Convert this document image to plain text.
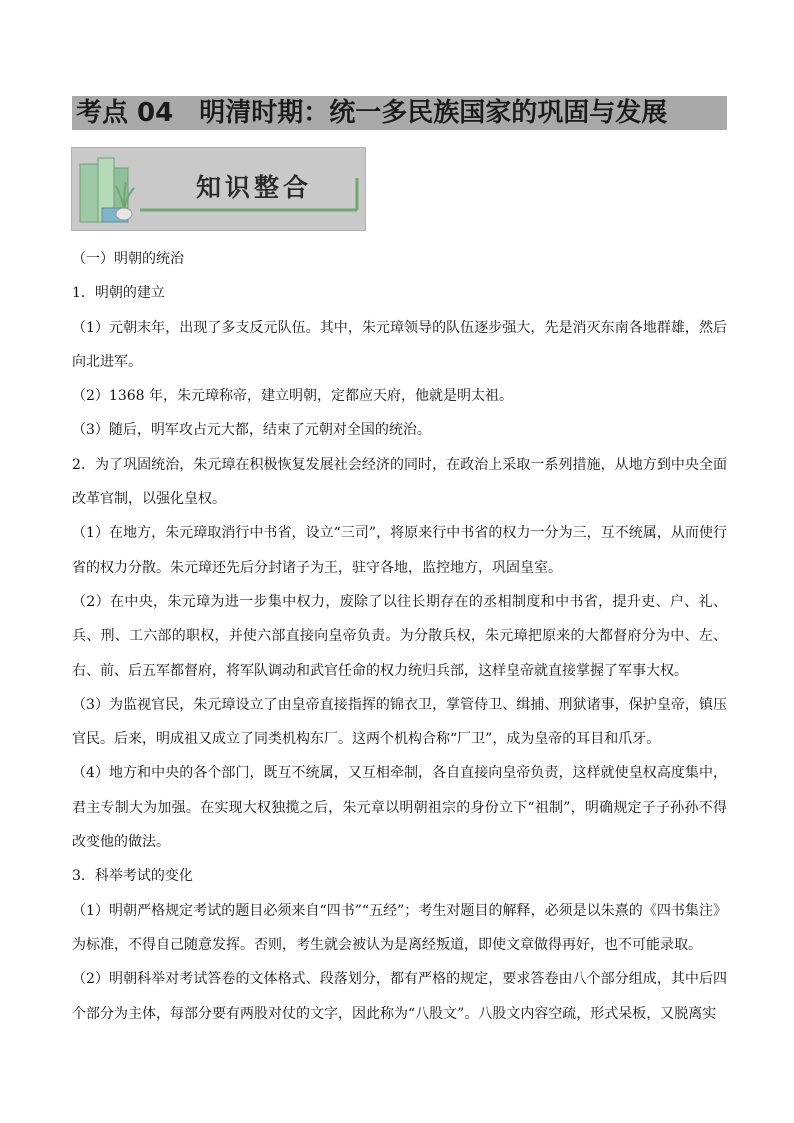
考点 04　明清时期：统一多民族国家的巩固与发展
知识整合

（一）明朝的统治

1．明朝的建立

（1）元朝末年，出现了多支反元队伍。其中，朱元璋领导的队伍逐步强大，先是消灭东南各地群雄，然后向北进军。

（2）1368 年，朱元璋称帝，建立明朝，定都应天府，他就是明太祖。

（3）随后，明军攻占元大都，结束了元朝对全国的统治。

2．为了巩固统治，朱元璋在积极恢复发展社会经济的同时，在政治上采取一系列措施，从地方到中央全面改革官制，以强化皇权。

（1）在地方，朱元璋取消行中书省，设立“三司”，将原来行中书省的权力一分为三，互不统属，从而使行省的权力分散。朱元璋还先后分封诸子为王，驻守各地，监控地方，巩固皇室。

（2）在中央，朱元璋为进一步集中权力，废除了以往长期存在的丞相制度和中书省，提升吏、户、礼、兵、刑、工六部的职权，并使六部直接向皇帝负责。为分散兵权，朱元璋把原来的大都督府分为中、左、右、前、后五军都督府，将军队调动和武官任命的权力统归兵部，这样皇帝就直接掌握了军事大权。

（3）为监视官民，朱元璋设立了由皇帝直接指挥的锦衣卫，掌管侍卫、缉捕、刑狱诸事，保护皇帝，镇压官民。后来，明成祖又成立了同类机构东厂。这两个机构合称“厂卫”，成为皇帝的耳目和爪牙。

（4）地方和中央的各个部门，既互不统属，又互相牵制，各自直接向皇帝负责，这样就使皇权高度集中，君主专制大为加强。在实现大权独揽之后，朱元章以明朝祖宗的身份立下“祖制”，明确规定子子孙孙不得改变他的做法。

3．科举考试的变化

（1）明朝严格规定考试的题目必须来自“四书”“五经”；考生对题目的解释，必须是以朱熹的《四书集注》为标准，不得自己随意发挥。否则，考生就会被认为是离经叛道，即使文章做得再好，也不可能录取。

（2）明朝科举对考试答卷的文体格式、段落划分，都有严格的规定，要求答卷由八个部分组成，其中后四个部分为主体，每部分要有两股对仗的文字，因此称为“八股文”。八股文内容空疏，形式呆板，又脱离实
